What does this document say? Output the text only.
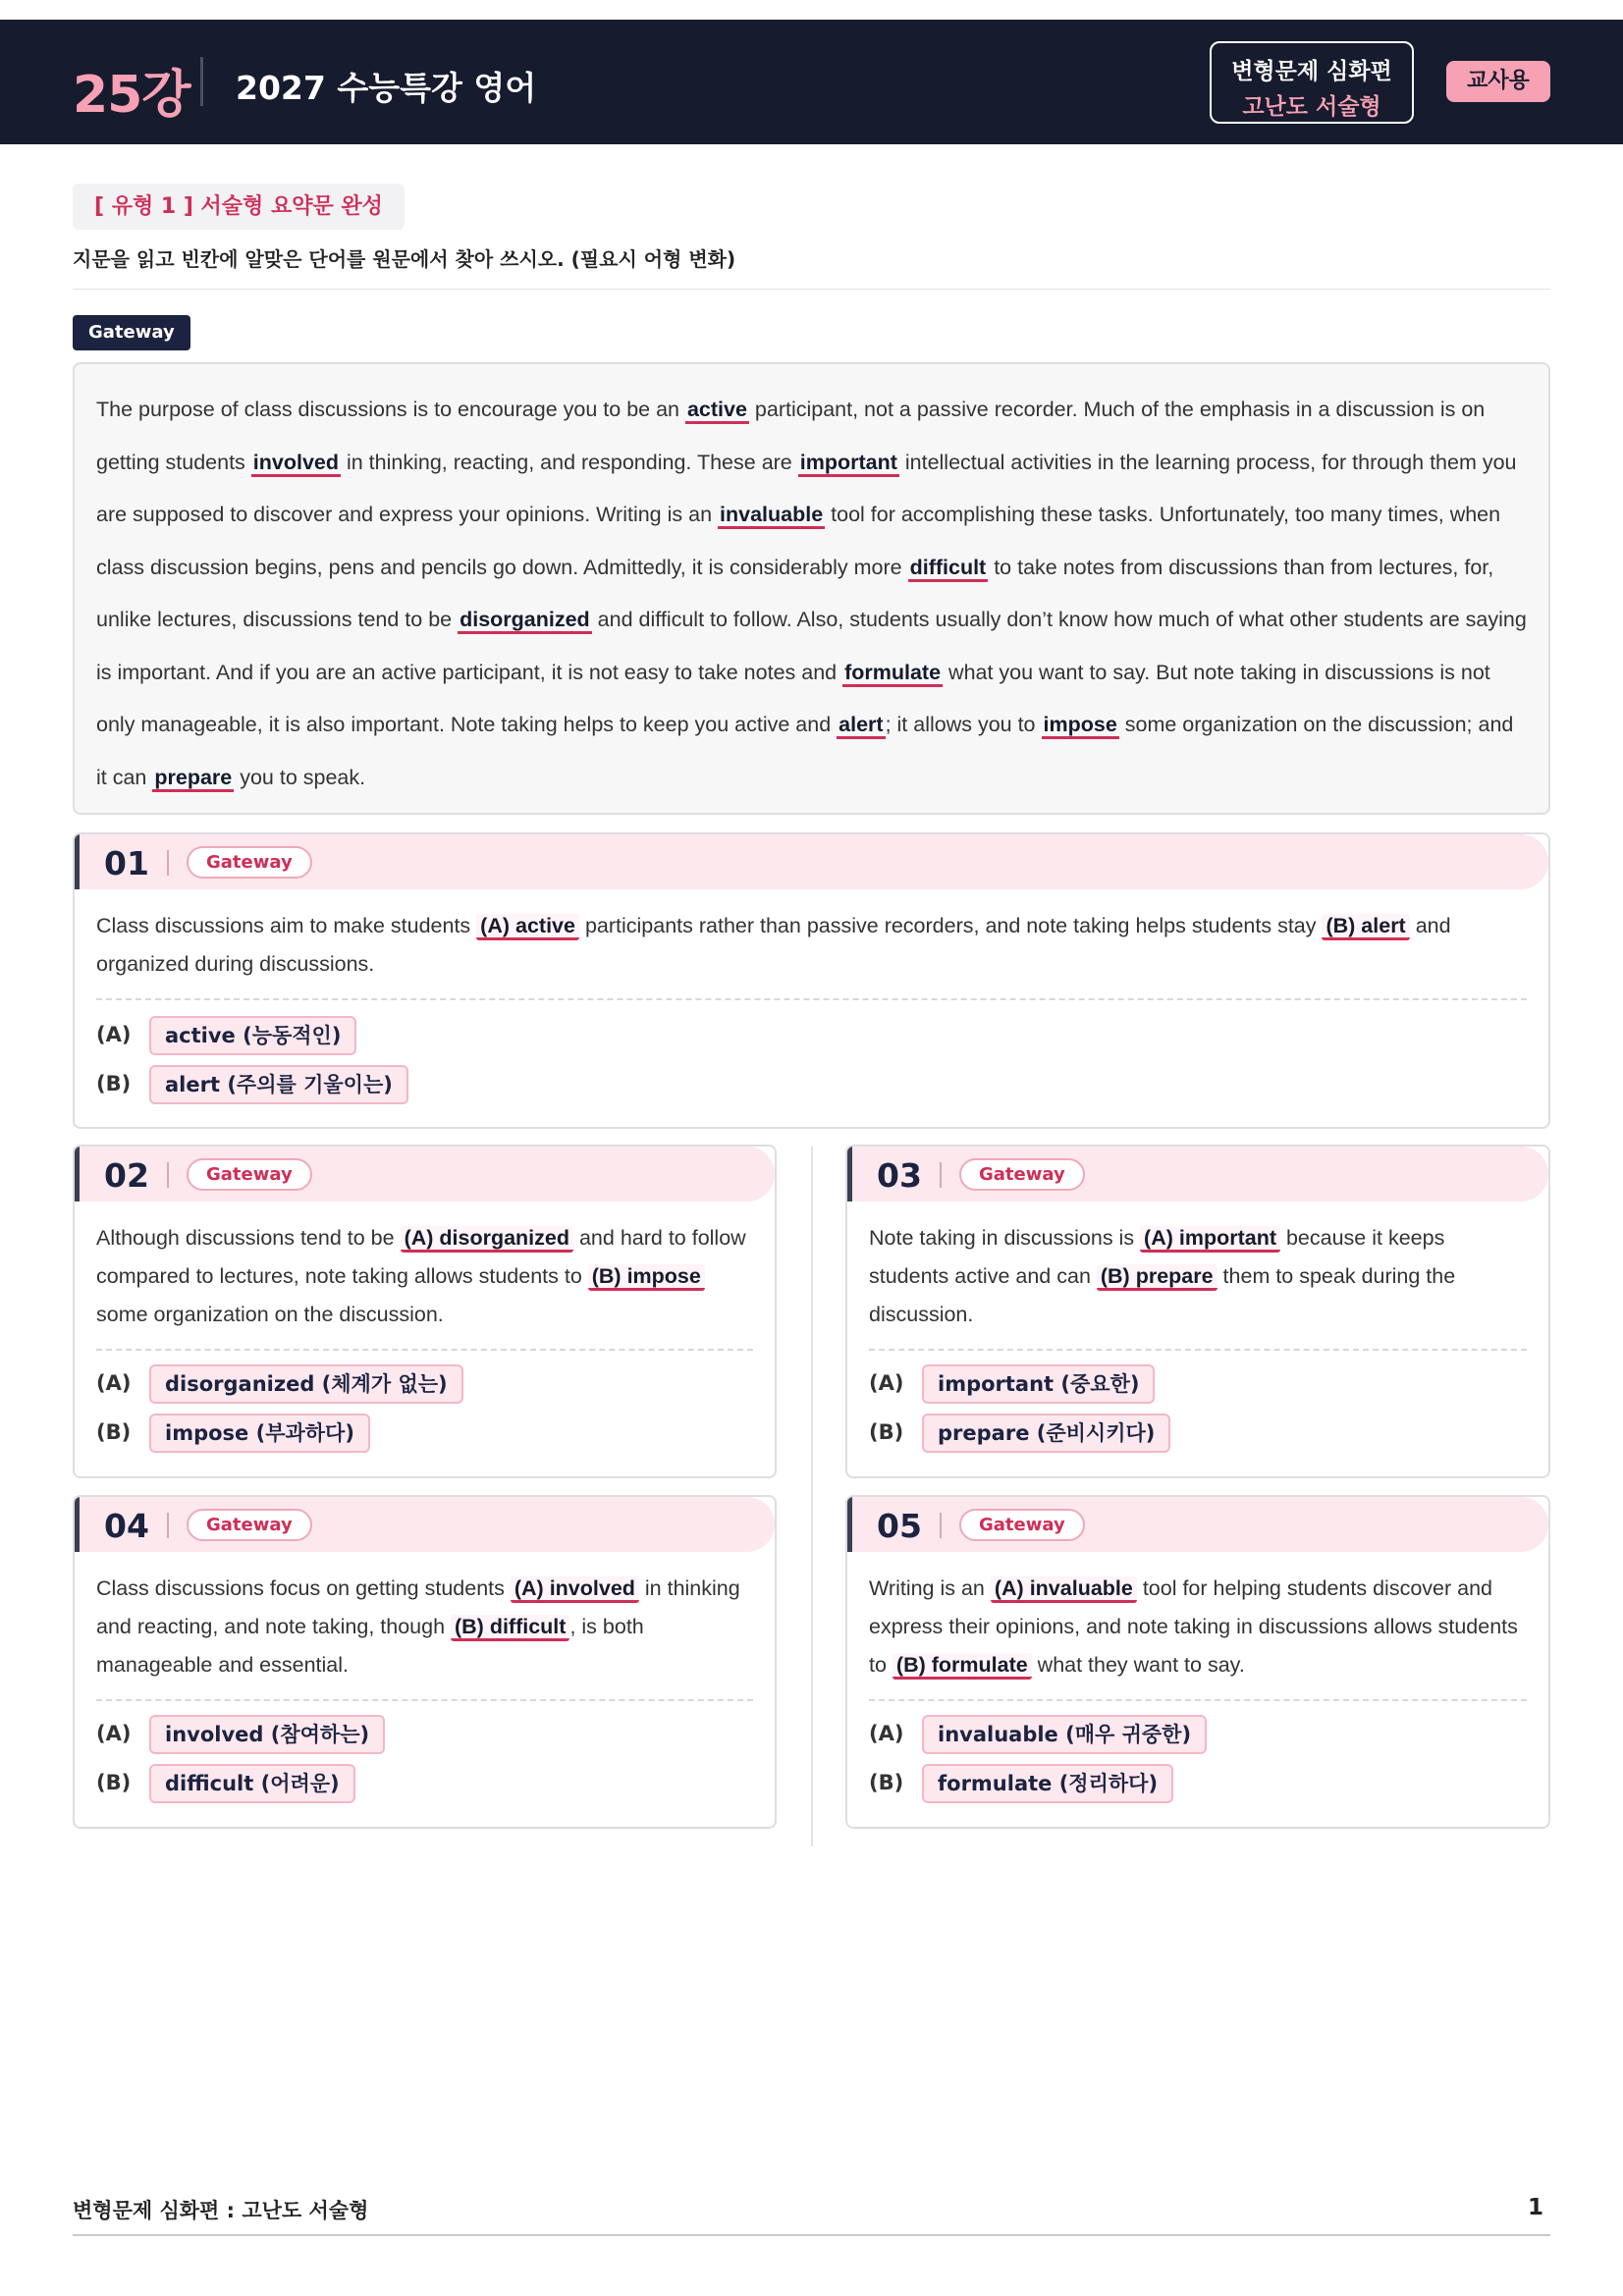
25강 2027 수능특강 영어	변형문제 심화편
고난도 서술형
교사용
[ 유형 1 ] 서술형 요약문 완성
지문을 읽고 빈칸에 알맞은 단어를 원문에서 찾아 쓰시오. (필요시 어형 변화)
Gateway

The purpose of class discussions is to encourage you to be an active participant, not a passive recorder. Much of the emphasis in a discussion is on getting students involved in thinking, reacting, and responding. These are important intellectual activities in the learning process, for through them you are supposed to discover and express your opinions. Writing is an invaluable tool for accomplishing these tasks. Unfortunately, too many times, when class discussion begins, pens and pencils go down. Admittedly, it is considerably more difficult to take notes from discussions than from lectures, for, unlike lectures, discussions tend to be disorganized and difficult to follow. Also, students usually don’t know how much of what other students are saying is important. And if you are an active participant, it is not easy to take notes and formulate what you want to say. But note taking in discussions is not only manageable, it is also important. Note taking helps to keep you active and alert; it allows you to impose some organization on the discussion; and it can prepare you to speak.

01	Gateway

Class discussions aim to make students (A) active participants rather than passive recorders, and note taking helps students stay (B) alert and organized during discussions.

(A)	active (능동적인)
(B)	alert (주의를 기울이는)
02	Gateway

Although discussions tend to be (A) disorganized and hard to follow compared to lectures, note taking allows students to (B) impose some organization on the discussion.

(A)	disorganized (체계가 없는)
(B)	impose (부과하다)
03	Gateway

Note taking in discussions is (A) important because it keeps students active and can (B) prepare them to speak during the discussion.

(A)	important (중요한)
(B)	prepare (준비시키다)
04	Gateway

Class discussions focus on getting students (A) involved in thinking and reacting, and note taking, though (B) difficult , is both manageable and essential.

(A)	involved (참여하는)
(B)	difficult (어려운)
05	Gateway

Writing is an (A) invaluable tool for helping students discover and express their opinions, and note taking in discussions allows students to (B) formulate what they want to say.

(A)	invaluable (매우 귀중한)
(B)	formulate (정리하다)
변형문제 심화편 : 고난도 서술형	1
